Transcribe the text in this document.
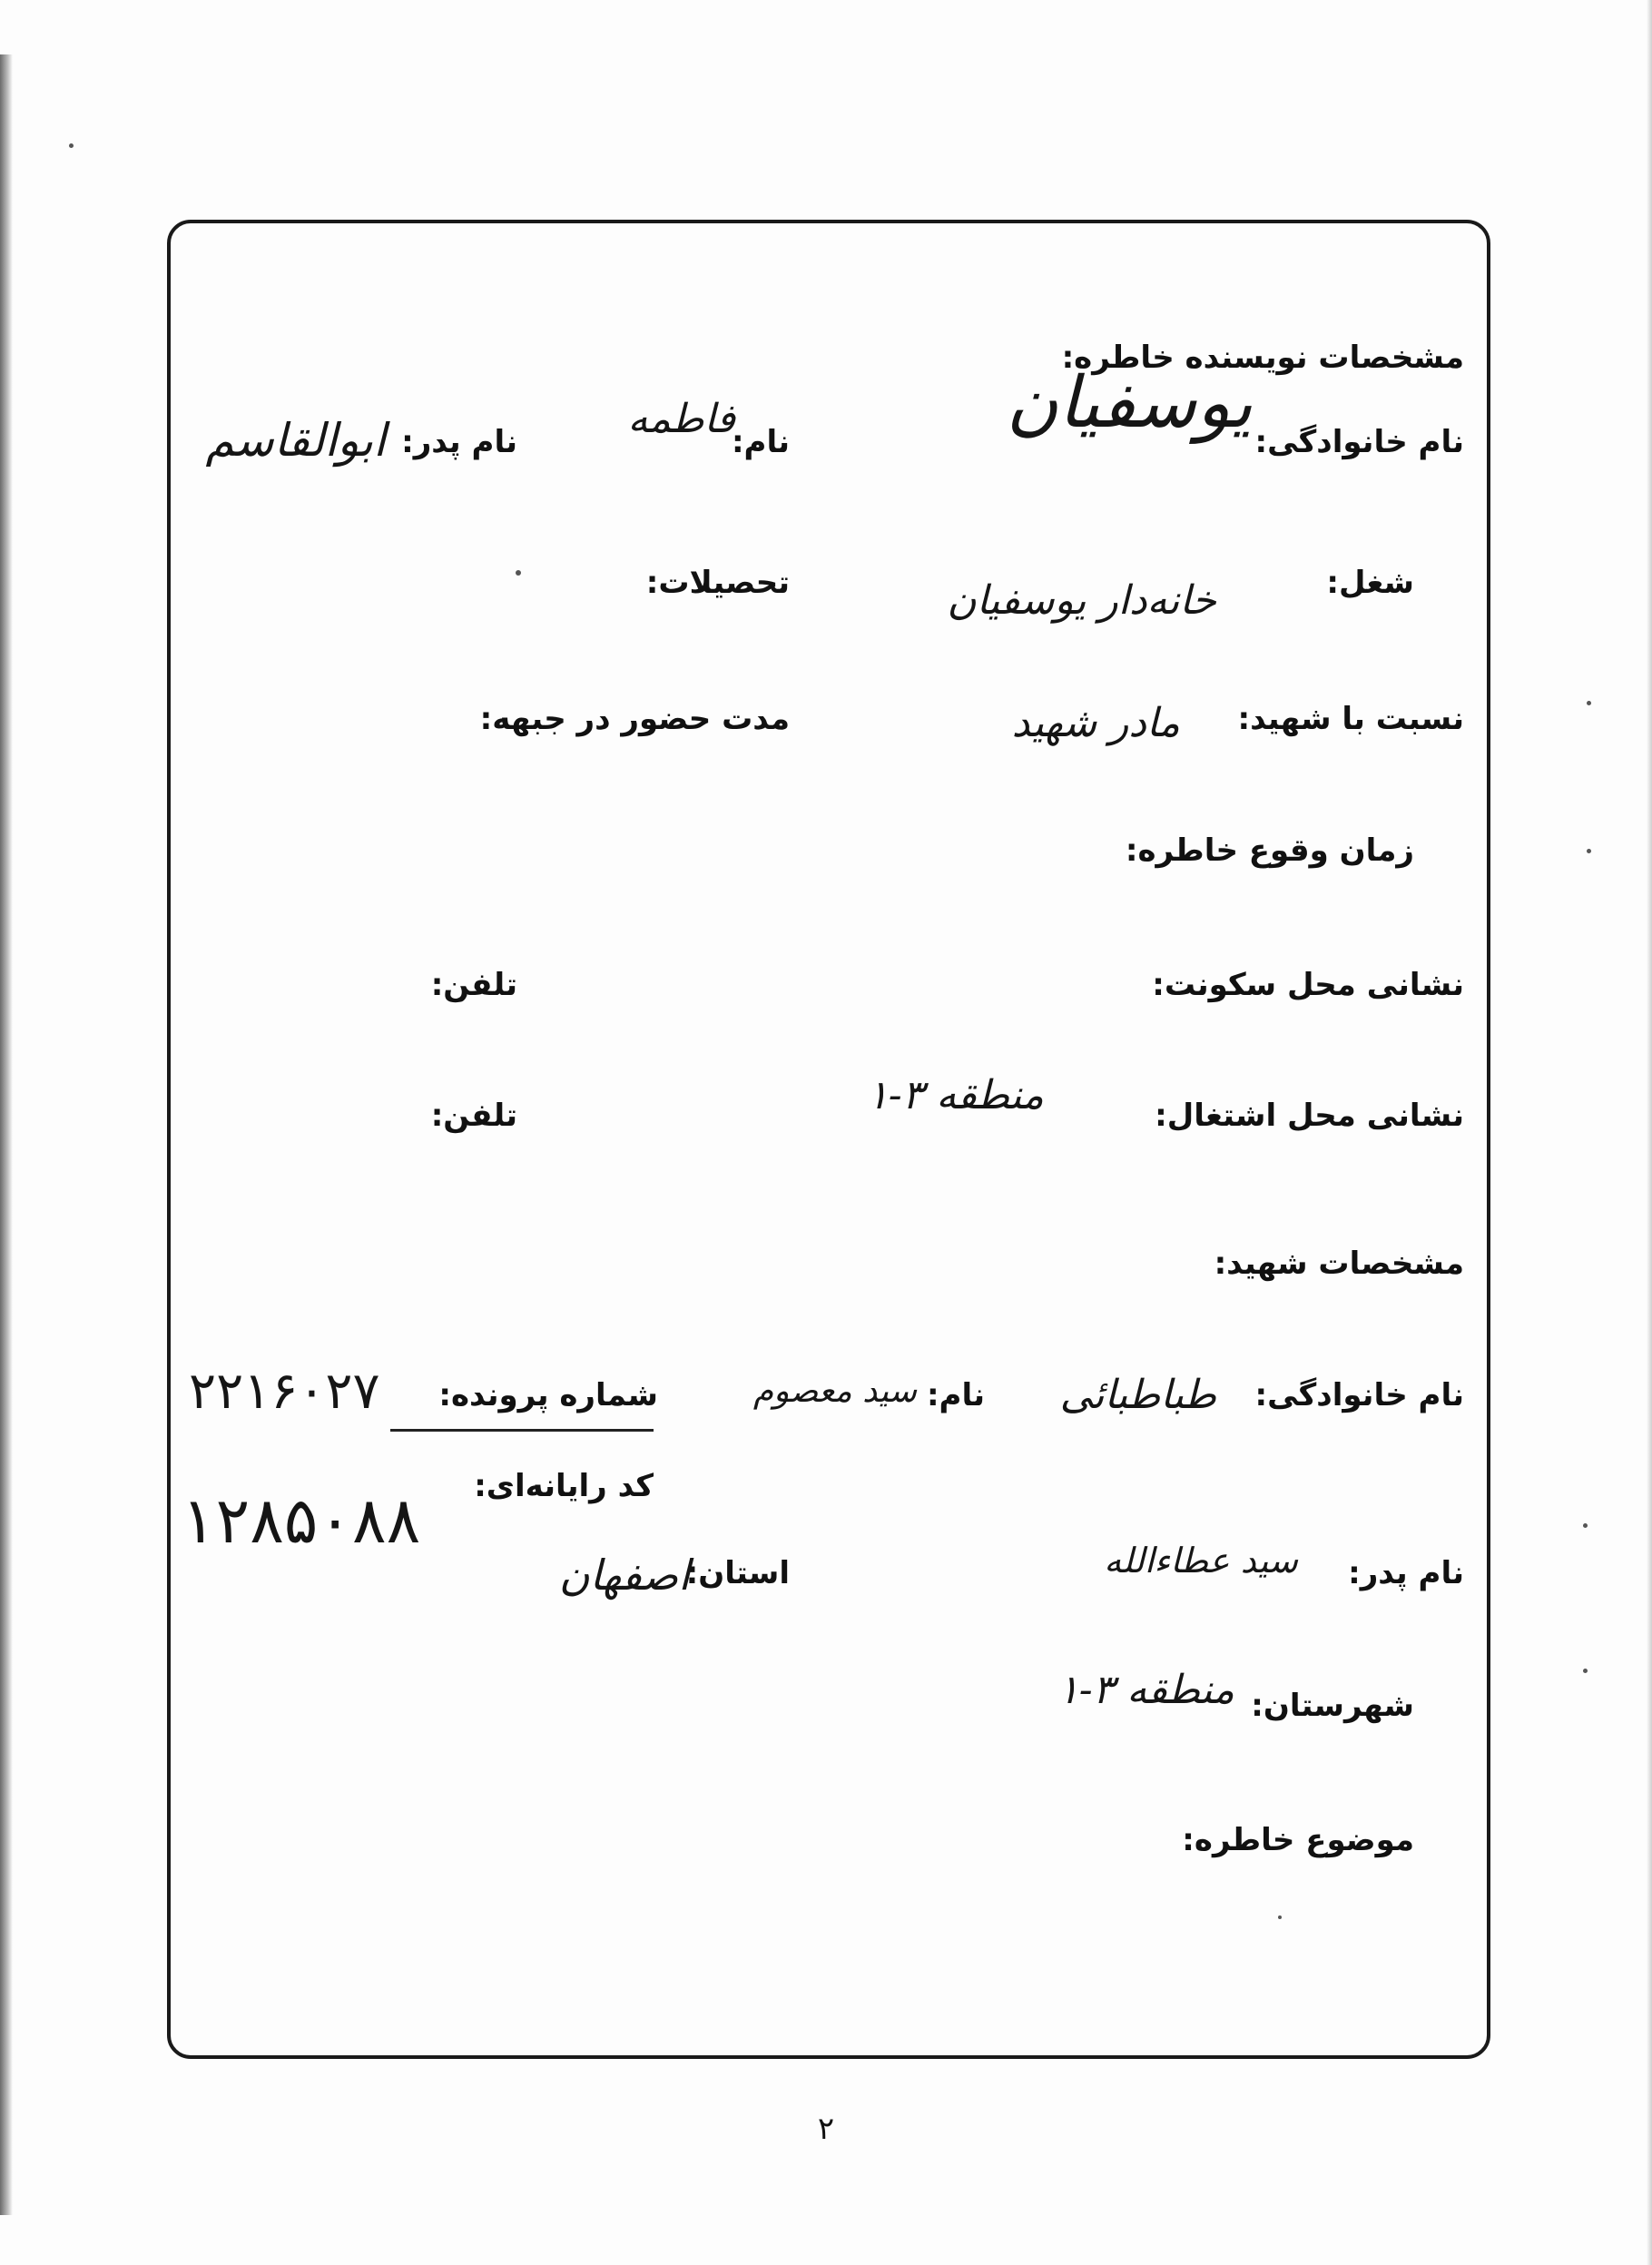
مشخصات نویسنده خاطره:
نام خانوادگی:
یوسفیان
نام:
فاطمه
نام پدر:
ابوالقاسم
شغل:
خانه‌دار یوسفیان
تحصیلات:
نسبت با شهید:
مادر شهید
مدت حضور در جبهه:
زمان وقوع خاطره:
نشانی محل سکونت:
تلفن:
نشانی محل اشتغال:
منطقه ۳-۱
تلفن:
مشخصات شهید:
نام خانوادگی:
طباطبائی
نام:
سید معصوم
شماره پرونده:
۲۲۱۶۰۲۷
کد رایانه‌ای:
۱۲۸۵۰۸۸
نام پدر:
سید عطاءالله
استان:
اصفهان
شهرستان:
منطقه ۳-۱
موضوع خاطره:
۲
